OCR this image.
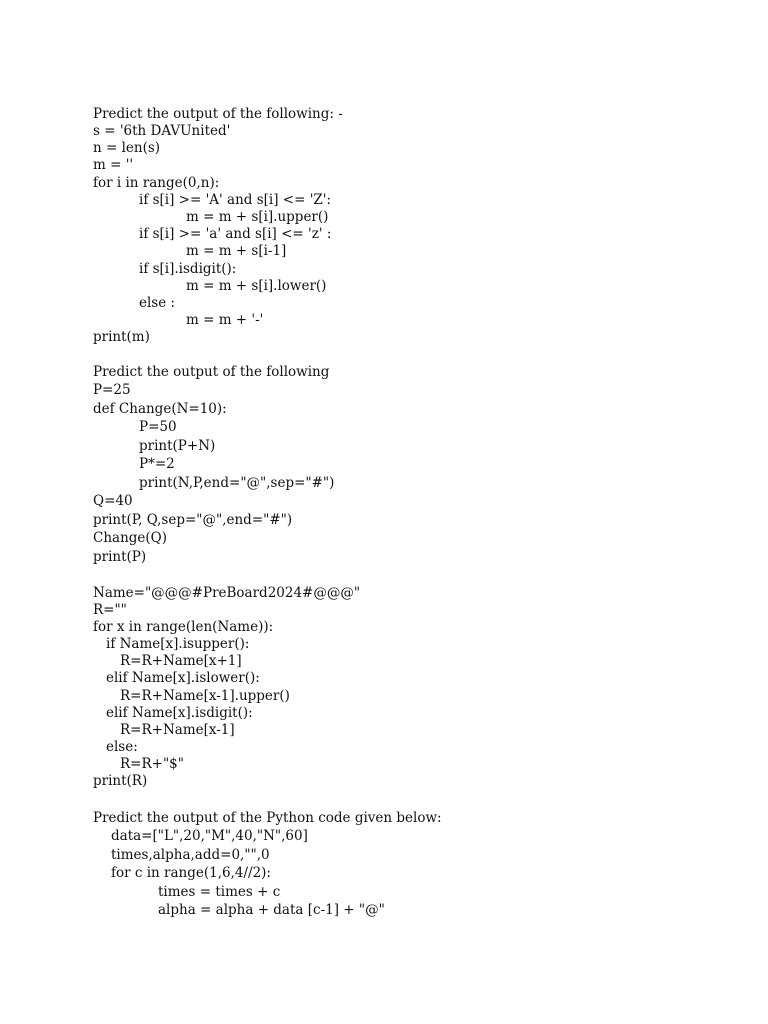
Predict the output of the following: -
s = '6th DAVUnited'
n = len(s)
m = ''
for i in range(0,n):
if s[i] >= 'A' and s[i] <= 'Z':
m = m + s[i].upper()
if s[i] >= 'a' and s[i] <= 'z' :
m = m + s[i-1]
if s[i].isdigit():
m = m + s[i].lower()
else :
m = m + '-'
print(m)
Predict the output of the following
P=25
def Change(N=10):
P=50
print(P+N)
P*=2
print(N,P,end="@",sep="#")
Q=40
print(P, Q,sep="@",end="#")
Change(Q)
print(P)
Name="@@@#PreBoard2024#@@@"
R=""
for x in range(len(Name)):
if Name[x].isupper():
R=R+Name[x+1]
elif Name[x].islower():
R=R+Name[x-1].upper()
elif Name[x].isdigit():
R=R+Name[x-1]
else:
R=R+"$"
print(R)
Predict the output of the Python code given below:
data=["L",20,"M",40,"N",60]
times,alpha,add=0,"",0
for c in range(1,6,4//2):
times = times + c
alpha = alpha + data [c-1] + "@"
